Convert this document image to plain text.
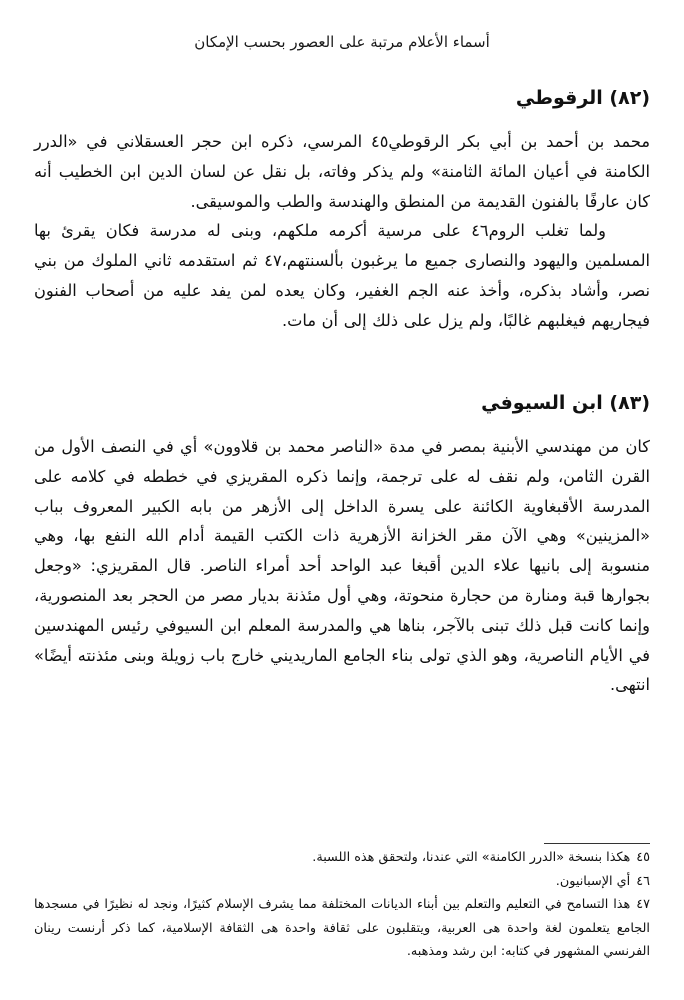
أسماء الأعلام مرتبة على العصور بحسب الإمكان
(٨٢) الرقوطي

محمد بن أحمد بن أبي بكر الرقوطي٤٥ المرسي، ذكره ابن حجر العسقلاني في «الدرر الكامنة في أعيان المائة الثامنة» ولم يذكر وفاته، بل نقل عن لسان الدين ابن الخطيب أنه كان عارفًا بالفنون القديمة من المنطق والهندسة والطب والموسيقى.

ولما تغلب الروم٤٦ على مرسية أكرمه ملكهم، وبنى له مدرسة فكان يقرئ بها المسلمين واليهود والنصارى جميع ما يرغبون بألسنتهم،٤٧ ثم استقدمه ثاني الملوك من بني نصر، وأشاد بذكره، وأخذ عنه الجم الغفير، وكان يعده لمن يفد عليه من أصحاب الفنون فيجاريهم فيغلبهم غالبًا، ولم يزل على ذلك إلى أن مات.

(٨٣) ابن السيوفي

كان من مهندسي الأبنية بمصر في مدة «الناصر محمد بن قلاوون» أي في النصف الأول من القرن الثامن، ولم نقف له على ترجمة، وإنما ذكره المقريزي في خططه في كلامه على المدرسة الأقبغاوية الكائنة على يسرة الداخل إلى الأزهر من بابه الكبير المعروف بباب «المزينين» وهي الآن مقر الخزانة الأزهرية ذات الكتب القيمة أدام الله النفع بها، وهي منسوبة إلى بانيها علاء الدين أقبغا عبد الواحد أحد أمراء الناصر. قال المقريزي: «وجعل بجوارها قبة ومنارة من حجارة منحوتة، وهي أول مئذنة بديار مصر من الحجر بعد المنصورية، وإنما كانت قبل ذلك تبنى بالآجر، بناها هي والمدرسة المعلم ابن السيوفي رئيس المهندسين في الأيام الناصرية، وهو الذي تولى بناء الجامع الماريديني خارج باب زويلة وبنى مئذنته أيضًا» انتهى.

٤٥هكذا بنسخة «الدرر الكامنة» التي عندنا، ولتحقق هذه اللسبة.

٤٦أي الإسبانيون.

٤٧هذا التسامح في التعليم والتعلم بين أبناء الديانات المختلفة مما يشرف الإسلام كثيرًا، ونجد له نظيرًا في مسجدها الجامع يتعلمون لغة واحدة هى العربية، ويتقلبون على ثقافة واحدة هى الثقافة الإسلامية، كما ذكر أرنست رينان الفرنسي المشهور في كتابه: ابن رشد ومذهبه.
